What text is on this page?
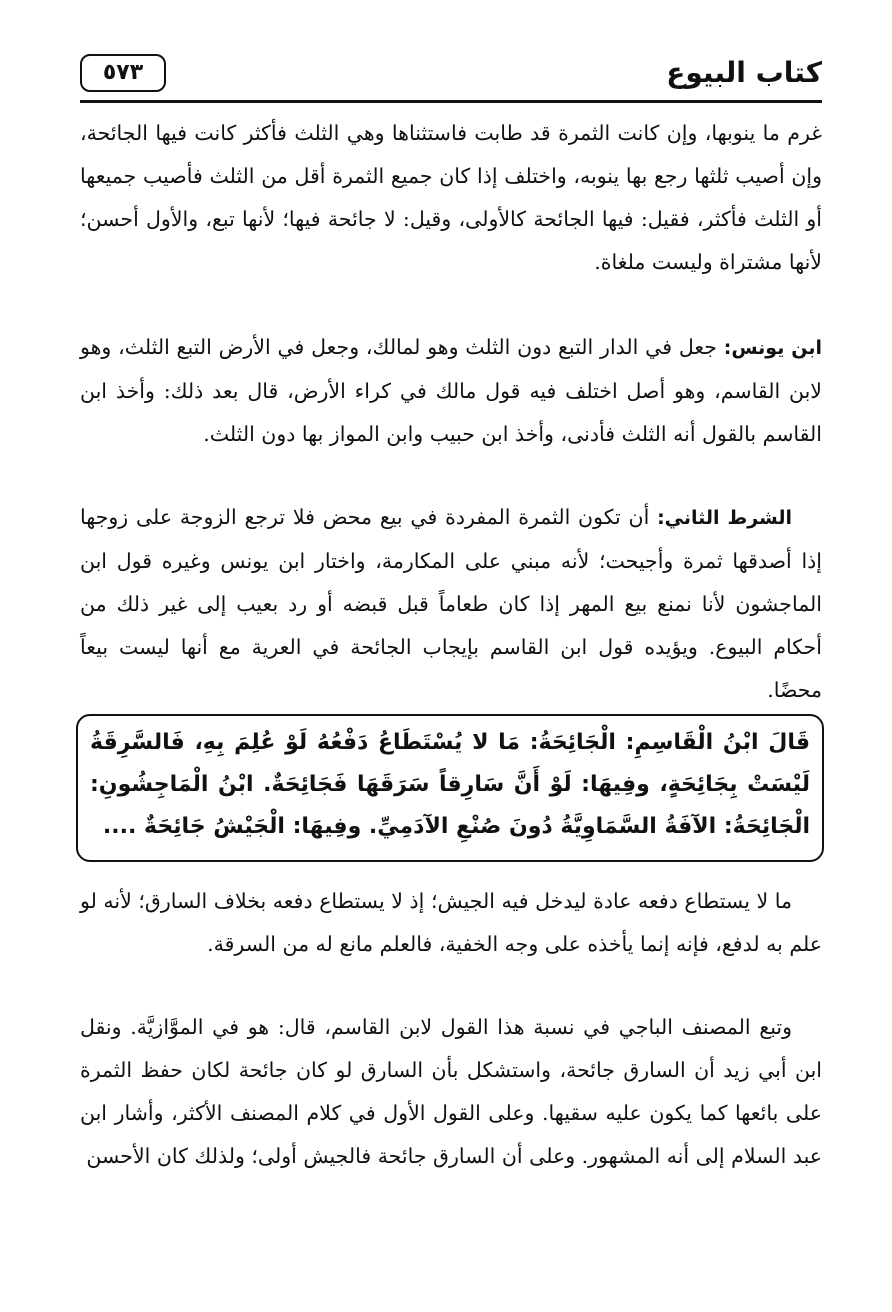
كتاب البيوع
٥٧٣

غرم ما ينوبها، وإن كانت الثمرة قد طابت فاستثناها وهي الثلث فأكثر كانت فيها الجائحة، وإن أصيب ثلثها رجع بها ينوبه، واختلف إذا كان جميع الثمرة أقل من الثلث فأصيب جميعها أو الثلث فأكثر، فقيل: فيها الجائحة كالأولى، وقيل: لا جائحة فيها؛ لأنها تبع، والأول أحسن؛ لأنها مشتراة وليست ملغاة.

ابن يونس: جعل في الدار التبع دون الثلث وهو لمالك، وجعل في الأرض التبع الثلث، وهو لابن القاسم، وهو أصل اختلف فيه قول مالك في كراء الأرض، قال بعد ذلك: وأخذ ابن القاسم بالقول أنه الثلث فأدنى، وأخذ ابن حبيب وابن المواز بها دون الثلث.

الشرط الثاني: أن تكون الثمرة المفردة في بيع محض فلا ترجع الزوجة على زوجها إذا أصدقها ثمرة وأجيحت؛ لأنه مبني على المكارمة، واختار ابن يونس وغيره قول ابن الماجشون لأنا نمنع بيع المهر إذا كان طعاماً قبل قبضه أو رد بعيب إلى غير ذلك من أحكام البيوع. ويؤيده قول ابن القاسم بإيجاب الجائحة في العرية مع أنها ليست بيعاً محضًا.

قَالَ ابْنُ الْقَاسِمِ: الْجَائِحَةُ: مَا لا يُسْتَطَاعُ دَفْعُهُ لَوْ عُلِمَ بِهِ، فَالسَّرِقَةُ لَيْسَتْ بِجَائِحَةٍ، وفِيهَا: لَوْ أَنَّ سَارِقاً سَرَقَهَا فَجَائِحَةٌ. ابْنُ الْمَاجِشُونِ: الْجَائِحَةُ: الآفَةُ السَّمَاوِيَّةُ دُونَ صُنْعِ الآدَمِيِّ. وفِيهَا: الْجَيْشُ جَائِحَةٌ ....

ما لا يستطاع دفعه عادة ليدخل فيه الجيش؛ إذ لا يستطاع دفعه بخلاف السارق؛ لأنه لو علم به لدفع، فإنه إنما يأخذه على وجه الخفية، فالعلم مانع له من السرقة.

وتبع المصنف الباجي في نسبة هذا القول لابن القاسم، قال: هو في الموَّازيَّة. ونقل ابن أبي زيد أن السارق جائحة، واستشكل بأن السارق لو كان جائحة لكان حفظ الثمرة على بائعها كما يكون عليه سقيها. وعلى القول الأول في كلام المصنف الأكثر، وأشار ابن عبد السلام إلى أنه المشهور. وعلى أن السارق جائحة فالجيش أولى؛ ولذلك كان الأحسن
